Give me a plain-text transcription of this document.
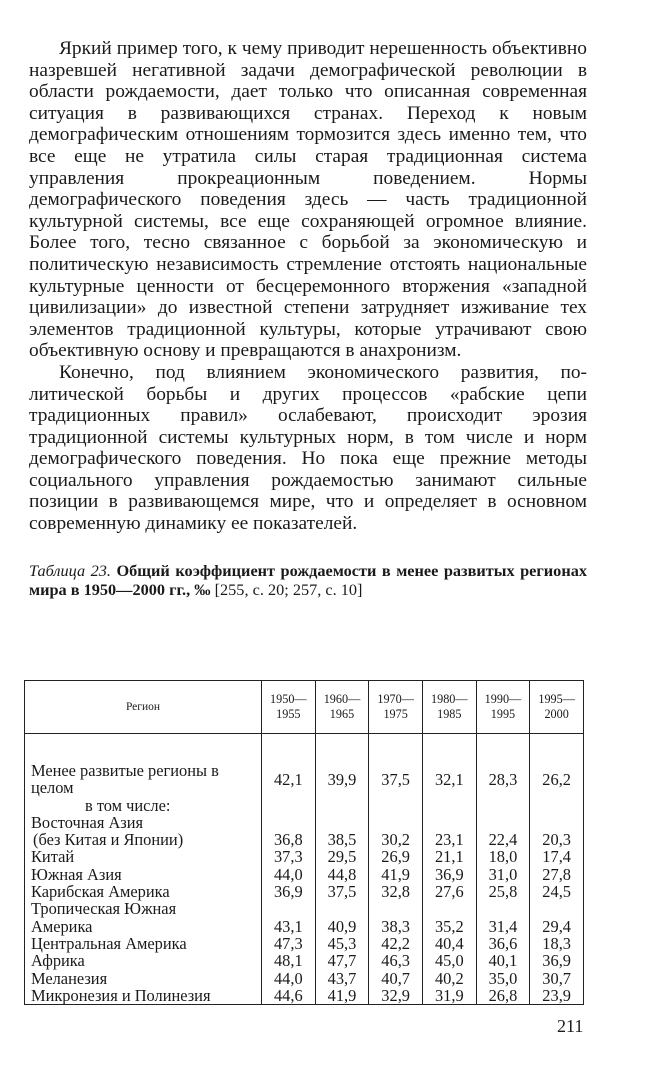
Яркий пример того, к чему приводит нерешенность объективно назревшей негативной задачи демографической революции в области рождаемости, дает только что описанная современная ситуация в развивающихся странах. Переход к новым демографическим отношениям тормозится здесь именно тем, что все еще не утратила силы старая традиционная система управления прокреационным поведением. Нормы демографического поведения здесь — часть традиционной культурной системы, все еще сохраняющей огромное влияние. Более того, тесно связанное с борьбой за экономическую и политическую независимость стремление отстоять национальные культурные ценности от бесцеремонного вторжения «западной цивилизации» до известной степени затрудняет изживание тех элементов традиционной культуры, которые утрачивают свою объективную основу и превращаются в анахронизм.

Конечно, под влиянием экономического развития, политической борьбы и других процессов «рабские цепи традиционных правил» ослабевают, происходит эрозия традиционной системы культурных норм, в том числе и норм демографического поведения. Но пока еще прежние методы социального управления рождаемостью занимают сильные позиции в развивающемся мире, что и определяет в основном современную динамику ее показателей.

Таблица 23. Общий коэффициент рождаемости в менее развитых регионах мира в 1950—2000 гг., ‰ [255, с. 20; 257, с. 10]
Регион	1950—1955	1960—1965	1970—1975	1980—1985	1990—1995	1995—2000
Менее развитые регионы в целом	42,1	39,9	37,5	32,1	28,3	26,2
в том числе:						
Восточная Азия						
(без Китая и Японии)	36,8	38,5	30,2	23,1	22,4	20,3
Китай	37,3	29,5	26,9	21,1	18,0	17,4
Южная Азия	44,0	44,8	41,9	36,9	31,0	27,8
Карибская Америка	36,9	37,5	32,8	27,6	25,8	24,5
Тропическая Южная						
Америка	43,1	40,9	38,3	35,2	31,4	29,4
Центральная Америка	47,3	45,3	42,2	40,4	36,6	18,3
Африка	48,1	47,7	46,3	45,0	40,1	36,9
Меланезия	44,0	43,7	40,7	40,2	35,0	30,7
Микронезия и Полинезия	44,6	41,9	32,9	31,9	26,8	23,9
211
